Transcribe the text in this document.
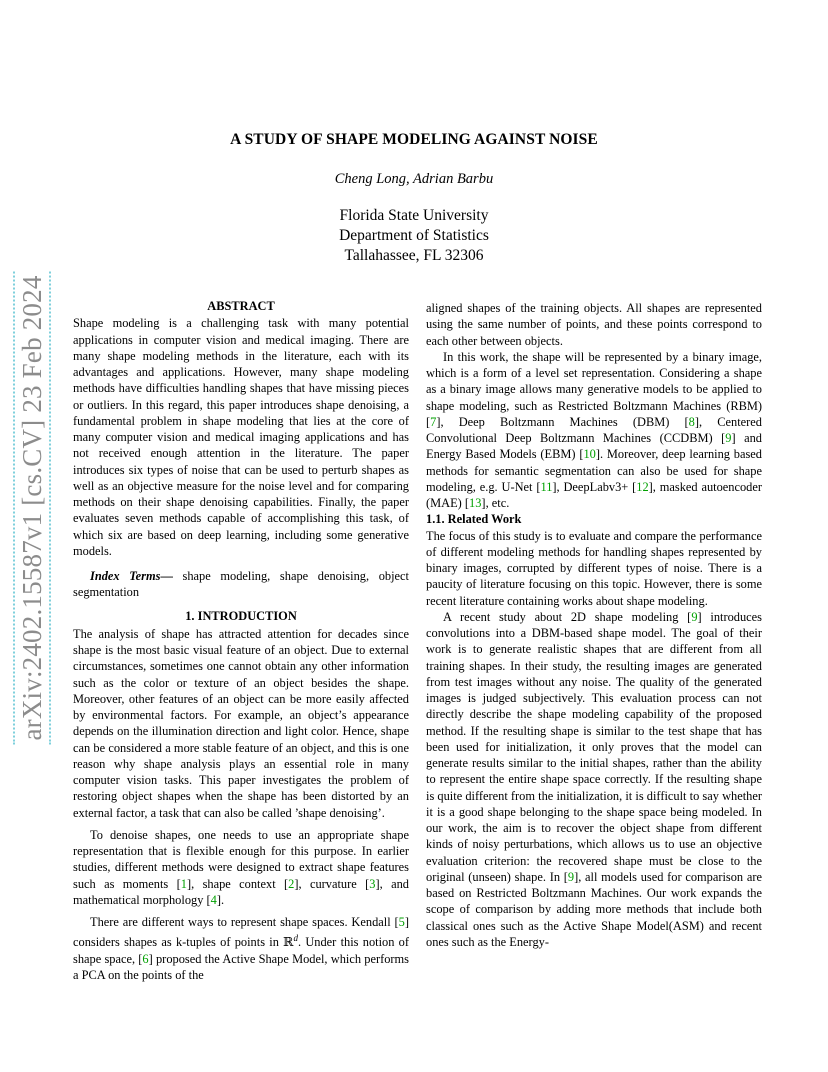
A STUDY OF SHAPE MODELING AGAINST NOISE
Cheng Long, Adrian Barbu
Florida State University
Department of Statistics
Tallahassee, FL 32306
arXiv:2402.15587v1 [cs.CV] 23 Feb 2024	ABSTRACT

Shape modeling is a challenging task with many potential applications in computer vision and medical imaging. There are many shape modeling methods in the literature, each with its advantages and applications. However, many shape modeling methods have difficulties handling shapes that have missing pieces or outliers. In this regard, this paper introduces shape denoising, a fundamental problem in shape modeling that lies at the core of many computer vision and medical imaging applications and has not received enough attention in the literature. The paper introduces six types of noise that can be used to perturb shapes as well as an objective measure for the noise level and for comparing methods on their shape denoising capabilities. Finally, the paper evaluates seven methods capable of accomplishing this task, of which six are based on deep learning, including some generative models.

Index Terms— shape modeling, shape denoising, object segmentation

1. INTRODUCTION

The analysis of shape has attracted attention for decades since shape is the most basic visual feature of an object. Due to external circumstances, sometimes one cannot obtain any other information such as the color or texture of an object besides the shape. Moreover, other features of an object can be more easily affected by environmental factors. For example, an object’s appearance depends on the illumination direction and light color. Hence, shape can be considered a more stable feature of an object, and this is one reason why shape analysis plays an essential role in many computer vision tasks. This paper investigates the problem of restoring object shapes when the shape has been distorted by an external factor, a task that can also be called ’shape denoising’.

To denoise shapes, one needs to use an appropriate shape representation that is flexible enough for this purpose. In earlier studies, different methods were designed to extract shape features such as moments [ 1 ] , shape context [ 2 ] , curvature [ 3 ] , and mathematical morphology [ 4 ] .

There are different ways to represent shape spaces. Kendall [ 5 ] considers shapes as k-tuples of points in ℝ$^d$. Under this notion of shape space, [ 6 ] proposed the Active Shape Model, which performs a PCA on the points of the

aligned shapes of the training objects. All shapes are represented using the same number of points, and these points correspond to each other between objects.

In this work, the shape will be represented by a binary image, which is a form of a level set representation. Considering a shape as a binary image allows many generative models to be applied to shape modeling, such as Restricted Boltzmann Machines (RBM) [ 7 ] , Deep Boltzmann Machines (DBM) [ 8 ] , Centered Convolutional Deep Boltzmann Machines (CCDBM) [ 9 ] and Energy Based Models (EBM) [ 10 ] . Moreover, deep learning based methods for semantic segmentation can also be used for shape modeling, e.g. U-Net [ 11 ] , DeepLabv3+ [ 12 ] , masked autoencoder (MAE) [ 13 ] , etc.

1.1. Related Work

The focus of this study is to evaluate and compare the performance of different modeling methods for handling shapes represented by binary images, corrupted by different types of noise. There is a paucity of literature focusing on this topic. However, there is some recent literature containing works about shape modeling.

A recent study about 2D shape modeling [ 9 ] introduces convolutions into a DBM-based shape model. The goal of their work is to generate realistic shapes that are different from all training shapes. In their study, the resulting images are generated from test images without any noise. The quality of the generated images is judged subjectively. This evaluation process can not directly describe the shape modeling capability of the proposed method. If the resulting shape is similar to the test shape that has been used for initialization, it only proves that the model can generate results similar to the initial shapes, rather than the ability to represent the entire shape space correctly. If the resulting shape is quite different from the initialization, it is difficult to say whether it is a good shape belonging to the shape space being modeled. In our work, the aim is to recover the object shape from different kinds of noisy perturbations, which allows us to use an objective evaluation criterion: the recovered shape must be close to the original (unseen) shape. In [ 9 ] , all models used for comparison are based on Restricted Boltzmann Machines. Our work expands the scope of comparison by adding more methods that include both classical ones such as the Active Shape Model(ASM) and recent ones such as the Energy-
